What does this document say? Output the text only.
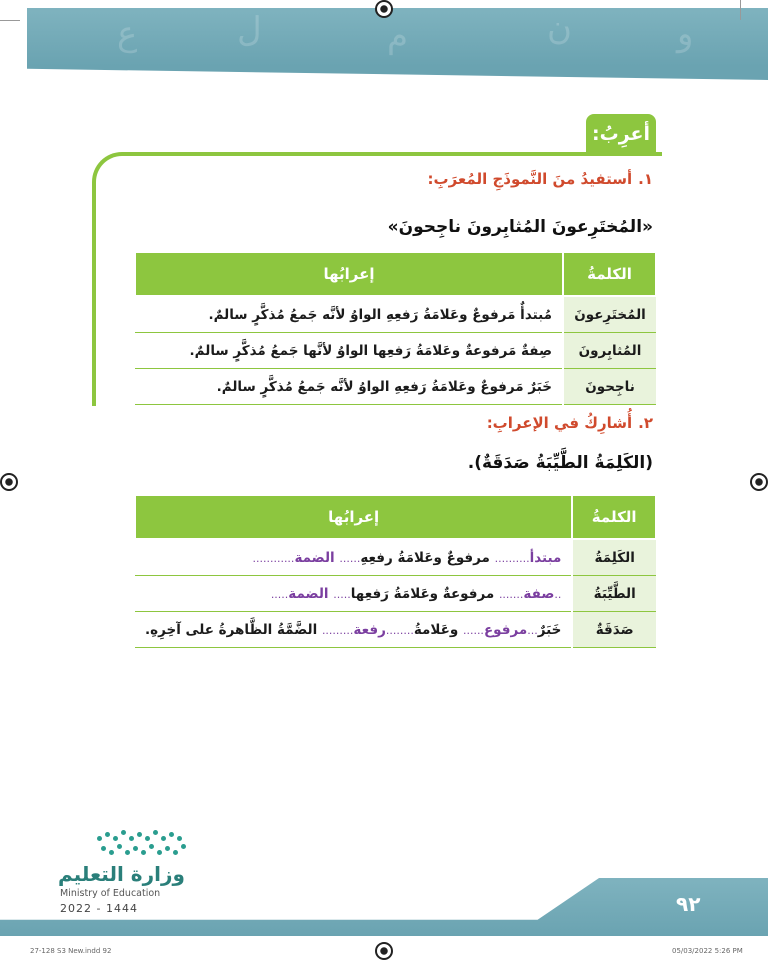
ع	ل	م	ن	و
أعرِبُ:
١.أستفيدُ منَ النَّموذَجِ المُعرَبِ:
«المُختَرِعونَ المُثابِرونَ ناجِحونَ»
الكلمةُ	إعرابُها
المُختَرِعونَ	مُبتدأٌ مَرفوعٌ وعَلامَةُ رَفعِهِ الواوُ لأنَّه جَمعُ مُذكَّرٍ سالمٌ.
المُثابِرونَ	صِفةٌ مَرفوعةٌ وعَلامَةُ رَفعِها الواوُ لأنَّها جَمعُ مُذكَّرٍ سالمٌ.
ناجِحونَ	خَبَرٌ مَرفوعٌ وعَلامَةُ رَفعِهِ الواوُ لأنَّه جَمعُ مُذكَّرٍ سالمٌ.
٢.أُشارِكُ في الإعرابِ:
(الكَلِمَةُ الطَّيِّبَةُ صَدَقَةٌ).
الكلمةُ	إعرابُها
الكَلِمَةُ	مبتدأ.......... مرفوعٌ وعَلامَةُ رفعِهِ...... الضمة............
الطَّيِّبَةُ	..صفة....... مرفوعةٌ وعَلامَةُ رَفعِها..... الضمة.....
صَدَقَةٌ	خَبَرٌ...مرفوع...... وعَلامةُ........رفعة......... الضَّمَّةُ الظَّاهرةُ على آخِرِهِ.
وزارة التعليم
Ministry of Education
2022 - 1444	٩٢
27-128 S3 New.indd 92	05/03/2022 5:26 PM
